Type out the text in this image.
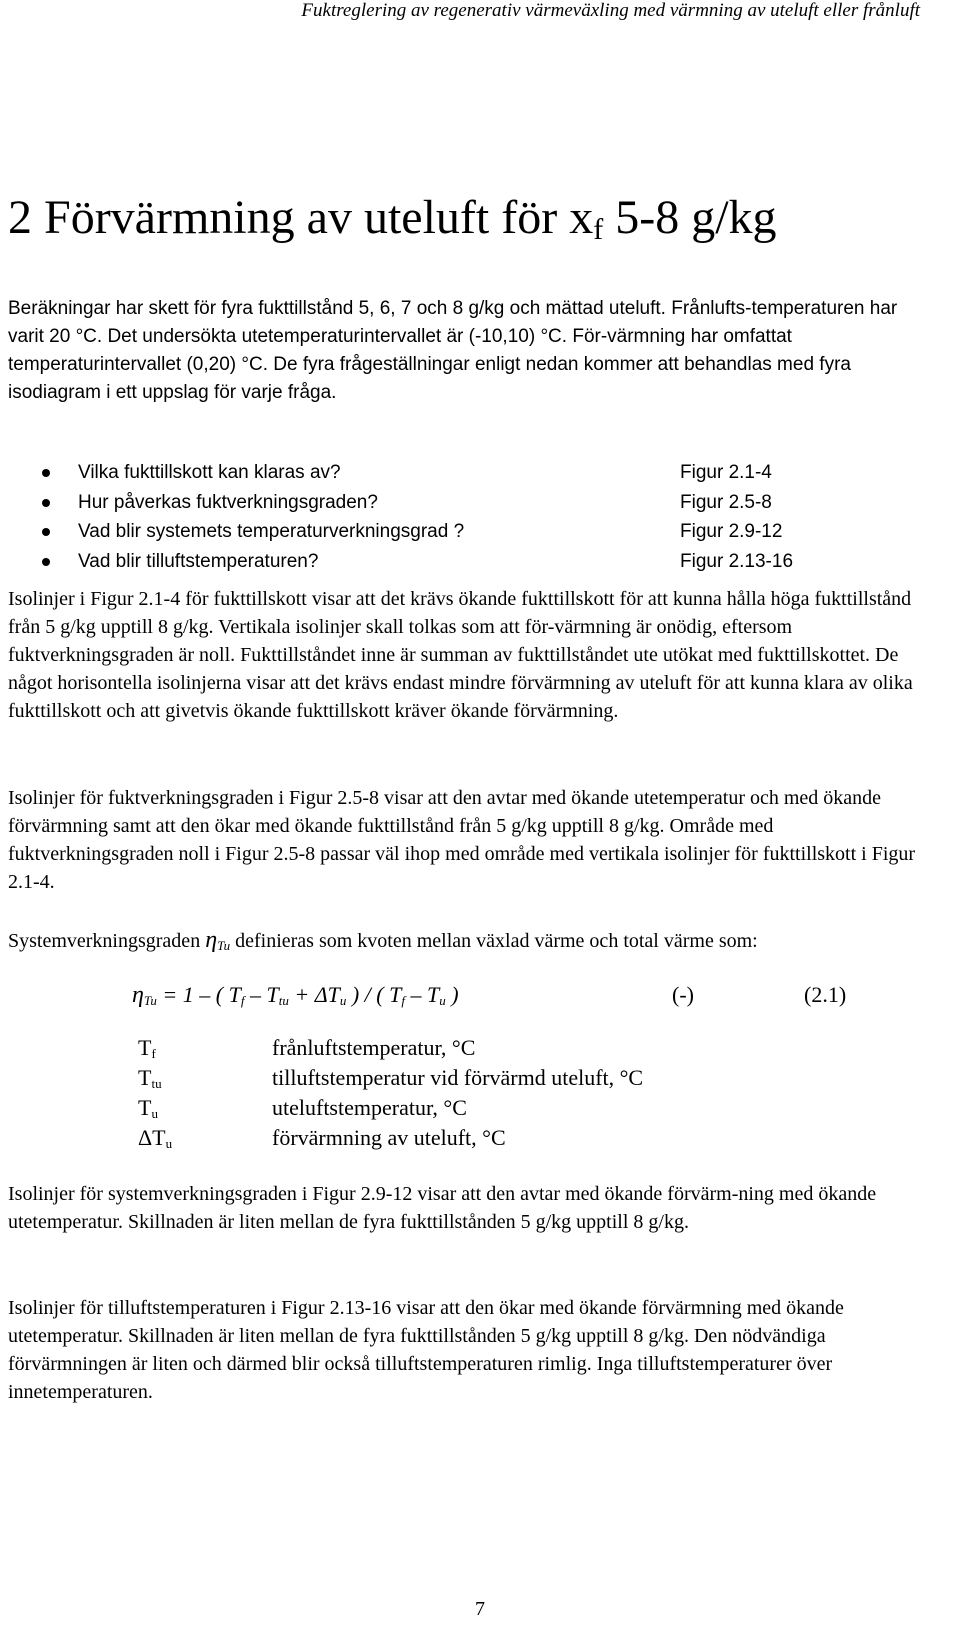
Fuktreglering av regenerativ värmeväxling med värmning av uteluft eller frånluft
2 Förvärmning av uteluft för $x_f$ 5-8 g/kg

Beräkningar har skett för fyra fukttillstånd 5, 6, 7 och 8 g/kg och mättad uteluft. Frånlufts-temperaturen har varit 20 °C. Det undersökta utetemperaturintervallet är (-10,10) °C. För-värmning har omfattat temperaturintervallet (0,20) °C. De fyra frågeställningar enligt nedan kommer att behandlas med fyra isodiagram i ett uppslag för varje fråga.

Vilka fukttillskott kan klaras av?	Figur 2.1-4
Hur påverkas fuktverkningsgraden?	Figur 2.5-8
Vad blir systemets temperaturverkningsgrad ?	Figur 2.9-12
Vad blir tilluftstemperaturen?	Figur 2.13-16

Isolinjer i Figur 2.1-4 för fukttillskott visar att det krävs ökande fukttillskott för att kunna hålla höga fukttillstånd från 5 g/kg upptill 8 g/kg. Vertikala isolinjer skall tolkas som att för-värmning är onödig, eftersom fuktverkningsgraden är noll. Fukttillståndet inne är summan av fukttillståndet ute utökat med fukttillskottet. De något horisontella isolinjerna visar att det krävs endast mindre förvärmning av uteluft för att kunna klara av olika fukttillskott och att givetvis ökande fukttillskott kräver ökande förvärmning.

Isolinjer för fuktverkningsgraden i Figur 2.5-8 visar att den avtar med ökande utetemperatur och med ökande förvärmning samt att den ökar med ökande fukttillstånd från 5 g/kg upptill 8 g/kg. Område med fuktverkningsgraden noll i Figur 2.5-8 passar väl ihop med område med vertikala isolinjer för fukttillskott i Figur 2.1-4.

Systemverkningsgraden $\eta_{Tu}$ definieras som kvoten mellan växlad värme och total värme som:

$\eta_{Tu} = 1$ – ( $T_f - T_{tu} + \Delta T_u$ ) / ( $T_f - T_u$ )	(-)	(2.1)
$T_f$	frånluftstemperatur, °C
$T_{tu}$	tilluftstemperatur vid förvärmd uteluft, °C
$T_u$	uteluftstemperatur, °C
$\Delta T_u$	förvärmning av uteluft, °C

Isolinjer för systemverkningsgraden i Figur 2.9-12 visar att den avtar med ökande förvärm-ning med ökande utetemperatur. Skillnaden är liten mellan de fyra fukttillstånden 5 g/kg upptill 8 g/kg.

Isolinjer för tilluftstemperaturen i Figur 2.13-16 visar att den ökar med ökande förvärmning med ökande utetemperatur. Skillnaden är liten mellan de fyra fukttillstånden 5 g/kg upptill 8 g/kg. Den nödvändiga förvärmningen är liten och därmed blir också tilluftstemperaturen rimlig. Inga tilluftstemperaturer över innetemperaturen.

7
